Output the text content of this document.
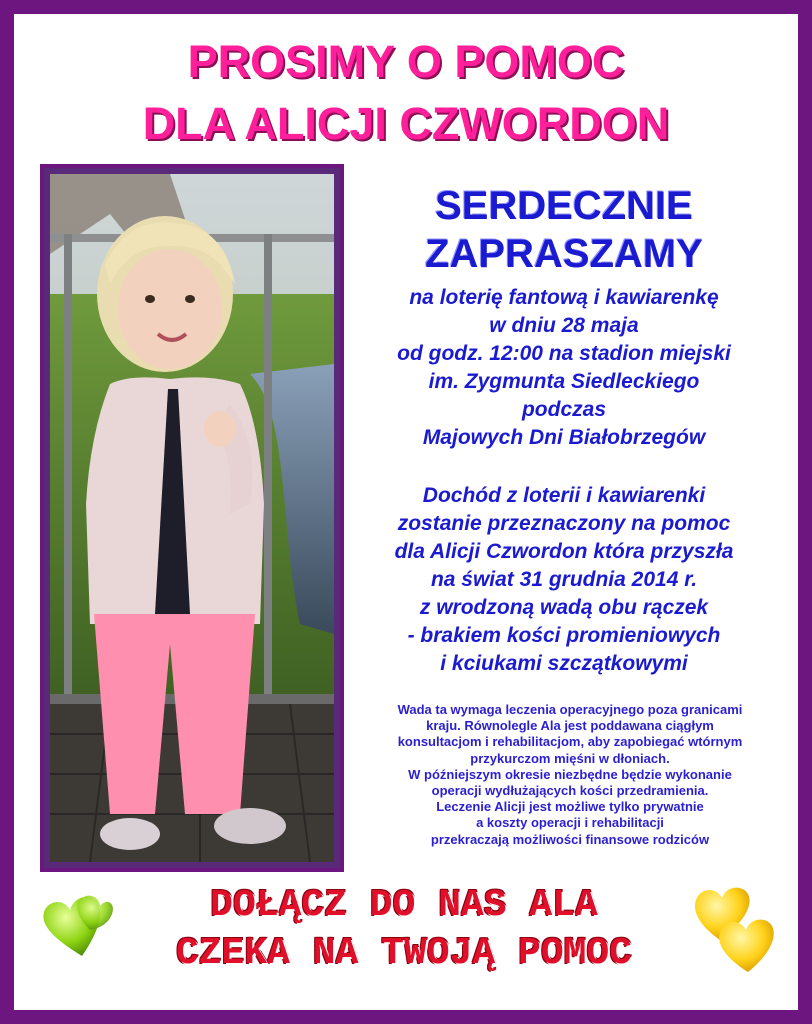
PROSIMY O POMOC
DLA ALICJI CZWORDON
SERDECZNIE
ZAPRASZAMY
na loterię fantową i kawiarenkę
w dniu 28 maja
od godz. 12:00 na stadion miejski
im. Zygmunta Siedleckiego
podczas
Majowych Dni Białobrzegów
Dochód z loterii i kawiarenki
zostanie przeznaczony na pomoc
dla Alicji Czwordon która przyszła
na świat 31 grudnia 2014 r.
z wrodzoną wadą obu rączek
- brakiem kości promieniowych
i kciukami szczątkowymi
Wada ta wymaga leczenia operacyjnego poza granicami
kraju. Równolegle Ala jest poddawana ciągłym
konsultacjom i rehabilitacjom, aby zapobiegać wtórnym
przykurczom mięśni w dłoniach.
W późniejszym okresie niezbędne będzie wykonanie
operacji wydłużających kości przedramienia.
Leczenie Alicji jest możliwe tylko prywatnie
a koszty operacji i rehabilitacji
przekraczają możliwości finansowe rodziców
DOŁĄCZ DO NAS ALA
CZEKA NA TWOJĄ POMOC
